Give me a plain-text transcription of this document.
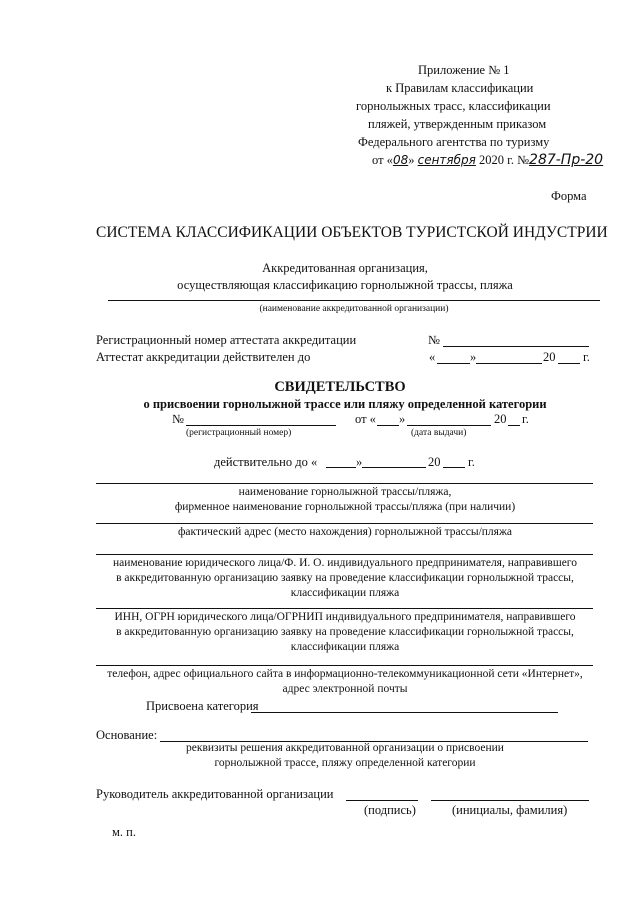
Приложение № 1
к Правилам классификации
горнолыжных трасс, классификации
пляжей, утвержденным приказом
Федерального агентства по туризму
от «08» сентября 2020 г. №287-Пр-20
Форма
СИСТЕМА КЛАССИФИКАЦИИ ОБЪЕКТОВ ТУРИСТСКОЙ ИНДУСТРИИ
Аккредитованная организация,
осуществляющая классификацию горнолыжной трассы, пляжа
(наименование аккредитованной организации)
Регистрационный номер аттестата аккредитации	№
Аттестат аккредитации действителен до	«	»	20 г.
СВИДЕТЕЛЬСТВО
о присвоении горнолыжной трассе или пляжу определенной категории
№	от « »	20 г.
(регистрационный номер)	(дата выдачи)
действительно до «	»	20 г.
наименование горнолыжной трассы/пляжа,
фирменное наименование горнолыжной трассы/пляжа (при наличии)
фактический адрес (место нахождения) горнолыжной трассы/пляжа
наименование юридического лица/Ф. И. О. индивидуального предпринимателя, направившего
в аккредитованную организацию заявку на проведение классификации горнолыжной трассы,
классификации пляжа
ИНН, ОГРН юридического лица/ОГРНИП индивидуального предпринимателя, направившего
в аккредитованную организацию заявку на проведение классификации горнолыжной трассы,
классификации пляжа
телефон, адрес официального сайта в информационно-телекоммуникационной сети «Интернет»,
адрес электронной почты
Присвоена категория
Основание:
реквизиты решения аккредитованной организации о присвоении
горнолыжной трассе, пляжу определенной категории
Руководитель аккредитованной организации
(подпись)	(инициалы, фамилия)
м. п.
